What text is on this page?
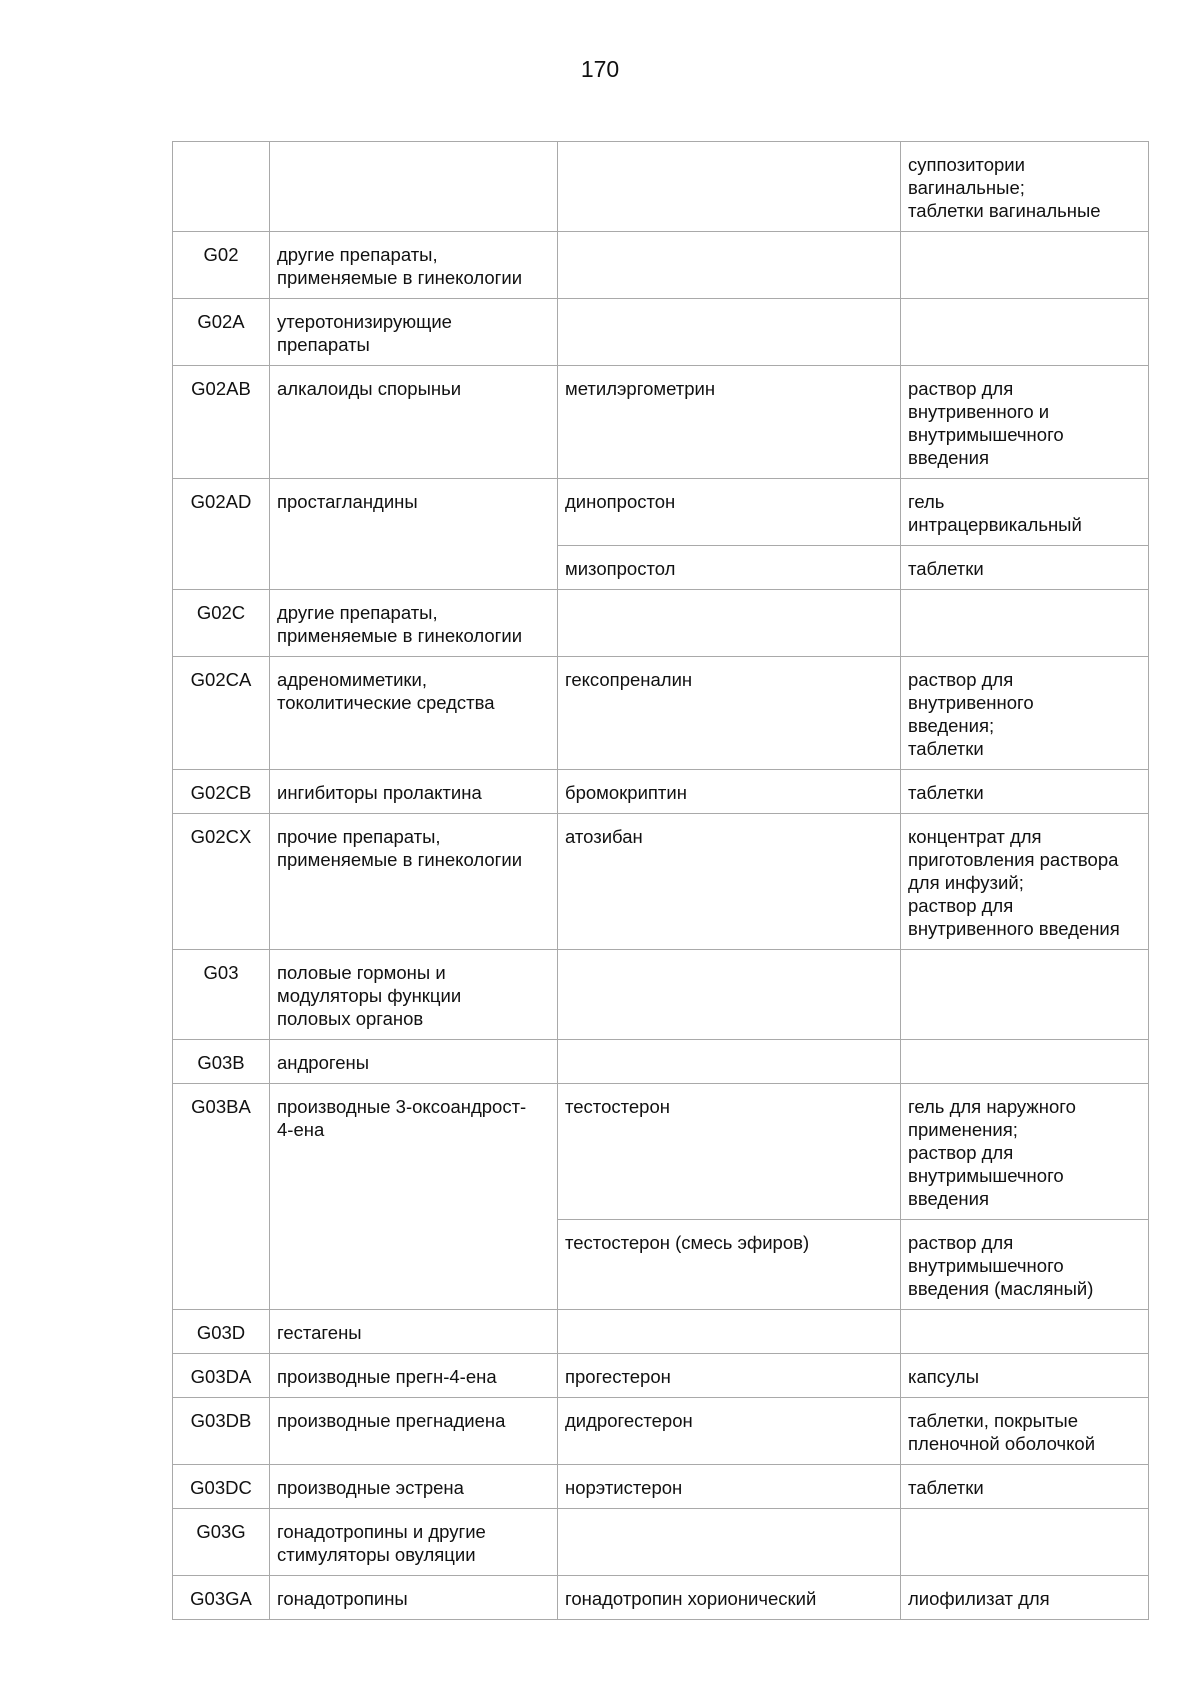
170
			суппозитории
вагинальные;
таблетки вагинальные
G02	другие препараты,
применяемые в гинекологии		
G02A	утеротонизирующие
препараты		
G02AB	алкалоиды спорыньи	метилэргометрин	раствор для
внутривенного и
внутримышечного
введения
G02AD	простагландины	динопростон	гель
интрацервикальный
		мизопростол	таблетки
G02C	другие препараты,
применяемые в гинекологии		
G02CA	адреномиметики,
токолитические средства	гексопреналин	раствор для
внутривенного
введения;
таблетки
G02CB	ингибиторы пролактина	бромокриптин	таблетки
G02CX	прочие препараты,
применяемые в гинекологии	атозибан	концентрат для
приготовления раствора
для инфузий;
раствор для
внутривенного введения
G03	половые гормоны и
модуляторы функции
половых органов		
G03B	андрогены		
G03BA	производные 3-оксоандрост-
4-ена	тестостерон	гель для наружного
применения;
раствор для
внутримышечного
введения
		тестостерон (смесь эфиров)	раствор для
внутримышечного
введения (масляный)
G03D	гестагены		
G03DA	производные прегн-4-ена	прогестерон	капсулы
G03DB	производные прегнадиена	дидрогестерон	таблетки, покрытые
пленочной оболочкой
G03DC	производные эстрена	норэтистерон	таблетки
G03G	гонадотропины и другие
стимуляторы овуляции		
G03GA	гонадотропины	гонадотропин хорионический	лиофилизат для
